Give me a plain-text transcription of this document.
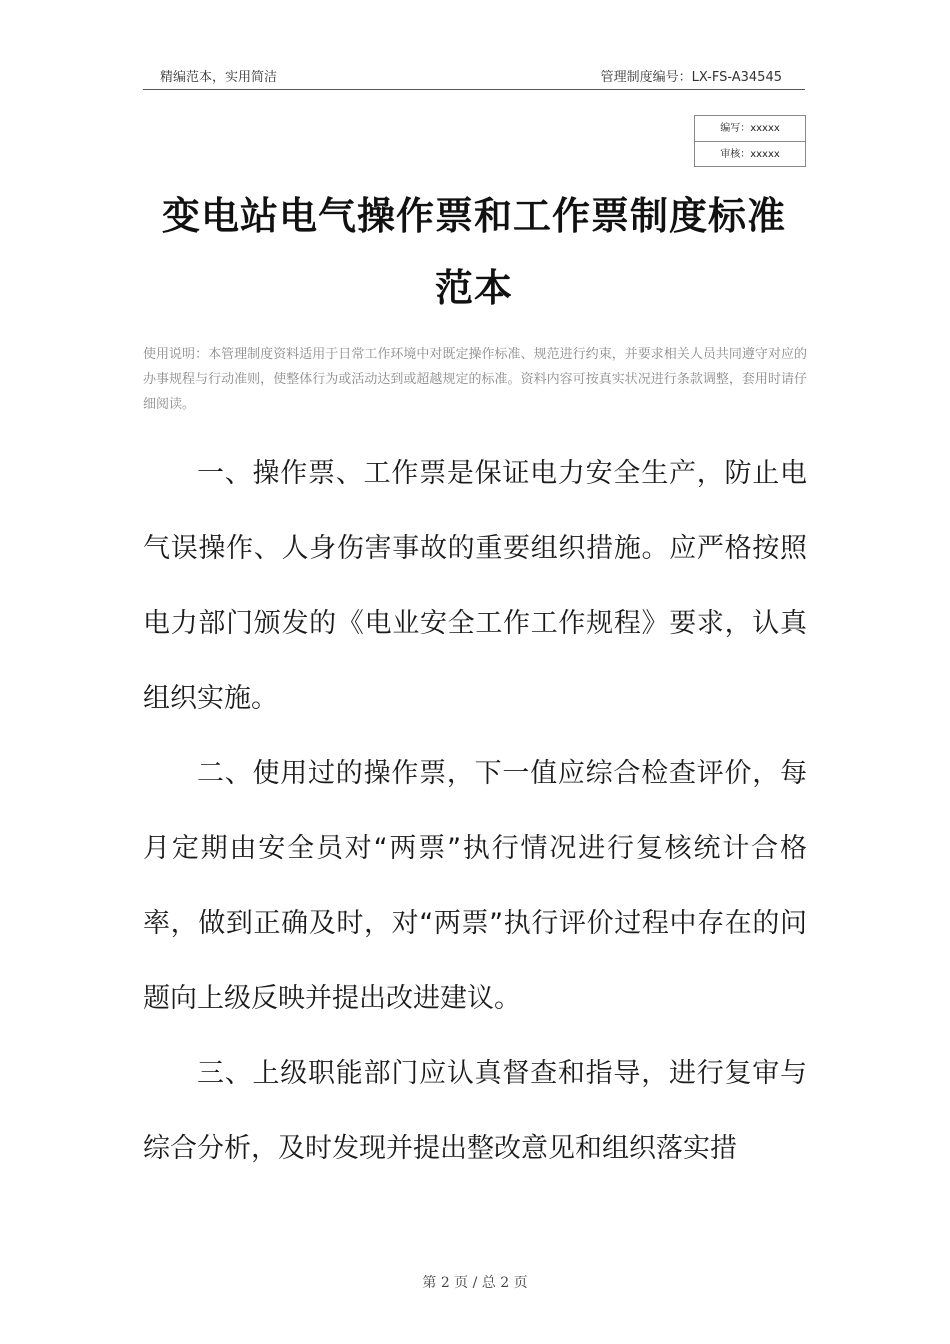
精编范本，实用简洁	管理制度编号：LX-FS-A34545
编写：xxxxx
审核：xxxxx
变电站电气操作票和工作票制度标准范本
使用说明：本管理制度资料适用于日常工作环境中对既定操作标准、规范进行约束，并要求相关人员共同遵守对应的办事规程与行动准则，使整体行为或活动达到或超越规定的标准。资料内容可按真实状况进行条款调整，套用时请仔细阅读。

一、操作票、工作票是保证电力安全生产，防止电气误操作、人身伤害事故的重要组织措施。应严格按照电力部门颁发的《电业安全工作工作规程》要求，认真组织实施。

二、使用过的操作票，下一值应综合检查评价，每月定期由安全员对“两票”执行情况进行复核统计合格率，做到正确及时，对“两票”执行评价过程中存在的问题向上级反映并提出改进建议。

三、上级职能部门应认真督查和指导，进行复审与综合分析，及时发现并提出整改意见和组织落实措

第 2 页 / 总 2 页
